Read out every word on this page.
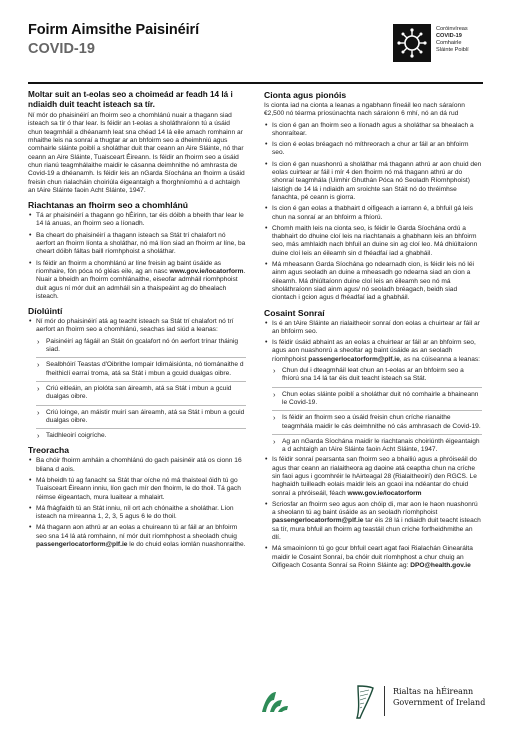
Foirm Aimsithe Paisinéirí
COVID-19
Coróinvíreas
COVID-19
Comhairle
Sláinte Poiblí
Moltar suit an t-eolas seo a choimeád ar feadh 14 lá i ndiaidh duit teacht isteach sa tír.
Ní mór do phaisinéirí an fhoirm seo a chomhlánú nuair a thagann siad isteach sa tír ó thar lear. Is féidir an t-eolas a sholáthraíonn tú a úsáid chun teagmháil a dhéanamh leat sna chéad 14 lá eile amach romhainn ar mhaithe leis na sonraí a thugtar ar an bhfoirm seo a dheimhniú agus comhairle sláinte poiblí a sholáthar duit thar ceann an Aire Sláinte, nó thar ceann an Aire Sláinte, Tuaisceart Éireann. Is féidir an fhoirm seo a úsáid chun rianú teagmhálaithe maidir le cásanna deimhnithe nó amhrasta de Covid-19 a dhéanamh. Is féidir leis an nGarda Síochána an fhoirm a úsáid freisin chun rialacháin choiriúla éigeantaigh a fhorghníomhú a d achtaigh an tAire Sláinte faoin Acht Sláinte, 1947.
Riachtanas an fhoirm seo a chomhlánú
• Tá ar phaisinéirí a thagann go hÉirinn, tar éis dóibh a bheith thar lear le 14 lá anuas, an fhoirm seo a líonadh.
• Ba cheart do phaisinéirí a thagann isteach sa Stát trí chalafort nó aerfort an fhoirm líonta a sholáthar, nó má líon siad an fhoirm ar líne, ba cheart dóibh fáltas baill ríomhphoist a sholáthar.
• Is féidir an fhoirm a chomhlánú ar líne freisin ag baint úsáide as ríomhaire, fón póca nó gléas eile, ag an nasc www.gov.ie/locatorform. Nuair a bheidh an fhoirm comhlánaithe, eiseofar admháil ríomhphoist duit agus ní mór duit an admháil sin a thaispeáint ag do bhealach isteach.
Díolúintí
• Ní mór do phaisinéirí atá ag teacht isteach sa Stát trí chalafort nó trí aerfort an fhoirm seo a chomhlánú, seachas iad siúd a leanas:
› Paisinéirí ag fágáil an Stáit ón gcalafort nó ón aerfort trínar tháinig siad.
› Sealbhóirí Teastas d'Oibrithe Iompair Idirnáisiúnta, nó tiománaithe d fheithiclí earraí troma, atá sa Stát i mbun a gcuid dualgas oibre.
› Criú eitleáin, an píolóta san áireamh, atá sa Stát i mbun a gcuid dualgas oibre.
› Criú loinge, an máistir muirí san áireamh, atá sa Stát i mbun a gcuid dualgas oibre.
› Taidhleoirí coigríche.
Treoracha
• Ba chóir fhoirm amháin a chomhlánú do gach paisinéir atá os cionn 16 bliana d aois.
• Má bheidh tú ag fanacht sa Stát thar oíche nó má thaisteal óidh tú go Tuaisceart Éireann inniu, líon gach mír den fhoirm, le do thoil. Tá gach réimse éigeantach, mura luaitear a mhalairt.
• Má fhágfaidh tú an Stát inniu, níl ort ach chónaithe a sholáthar. Líon isteach na míreanna 1, 2, 3, 5 agus 6 le do thoil.
• Má thagann aon athrú ar an eolas a chuireann tú ar fáil ar an bhfoirm seo sna 14 lá atá romhainn, ní mór duit ríomhphost a sheoladh chuig passengerlocatorform@plf.ie le do chuid eolas iomlán nuashonraithe.
Cionta agus pionóis
Is cionta iad na cionta a leanas a ngabhann fíneáil leo nach sáraíonn €2,500 nó téarma príosúnachta nach sáraíonn 6 mhí, nó an dá rud
• Is cion é gan an fhoirm seo a líonadh agus a sholáthar sa bhealach a shonraítear.
• Is cion é eolas bréagach nó míthreorach a chur ar fáil ar an bhfoirm seo.
• Is cion é gan nuashonrú a sholáthar má thagann athrú ar aon chuid den eolas cuirtear ar fáil i mír 4 den fhoirm nó má thagann athrú ar do shonraí teagmhála (Uimhir Ghuthán Póca nó Seoladh Ríomhphoist) laistigh de 14 lá i ndiaidh am sroichte san Stáit nó do thréimhse fanachta, pé ceann is giorra.
• Is cion é gan eolas a thabhairt d oifigeach a iarrann é, a bhfuil gá leis chun na sonraí ar an bhfoirm a fhíorú.
• Chomh maith leis na cionta seo, is féidir le Garda Síochána ordú a thabhairt do dhuine cloí leis na riachtanais a ghabhann leis an bhfoirm seo, más amhlaidh nach bhfuil an duine sin ag cloí leo. Má dhiúltaíonn duine cloí leis an éileamh sin d fhéadfaí iad a ghabháil.
• Má mheasann Garda Síochána go ndearnadh cion, is féidir leis nó léi ainm agus seoladh an duine a mheasadh go ndearna siad an cion a éileamh. Má dhiúltaíonn duine cloí leis an éileamh seo nó má sholáthraíonn siad ainm agus/ nó seoladh bréagach, beidh siad ciontach i gcion agus d fhéadfaí iad a ghabháil.
Cosaint Sonraí
• Is é an tAire Sláinte an rialaitheoir sonraí don eolas a chuirtear ar fáil ar an bhfoirm seo.
• Is féidir úsáid abhaint as an eolas a chuirtear ar fáil ar an bhfoirm seo, agus aon nuashonrú a sheoltar ag baint úsáide as an seoladh ríomhphoist passengerlocatorform@plf.ie, as na cúiseanna a leanas:
› Chun dul i dteagmháil leat chun an t-eolas ar an bhfoirm seo a fhíorú sna 14 lá tar éis duit teacht isteach sa Stát.
› Chun eolas sláinte poiblí a sholáthar duit nó comhairle a bhaineann le Covid-19.
› Is féidir an fhoirm seo a úsáid freisin chun críche rianaithe teagmhála maidir le cás deimhnithe nó cás amhrasach de Covid-19.
› Ag an nGarda Síochána maidir le riachtanais choiriúnth éigeantaigh a d achtaigh an tAire Sláinte faoin Acht Sláinte, 1947.
• Is féidir sonraí pearsanta san fhoirm seo a bhailiú agus a phróiseáil do agus thar ceann an rialaitheora ag daoine atá ceaptha chun na críche sin faoi agus i gcomhréir le hAirteagal 28 (Rialaitheoirí) den RGCS. Le haghaidh tuilleadh eolais maidir leis an gcaoi ina ndéantar do chuid sonraí a phróiseáil, féach www.gov.ie/locatorform
• Scriosfar an fhoirm seo agus aon chóip di, mar aon le haon nuashonrú a sheolann tú ag baint úsáide as an seoladh ríomhphoist passengerlocatorform@plf.ie tar éis 28 lá i ndiaidh duit teacht isteach sa tír, mura bhfuil an fhoirm ag teastáil chun críche forfheidhmithe an dlí.
• Má smaoiníonn tú go gcur bhfuil ceart agat faoi Rialachán Ginearálta maidir le Cosaint Sonraí, ba chóir duit ríomhphost a chur chuig an Oifigeach Cosanta Sonraí sa Roinn Sláinte ag: DPO@health.gov.ie
Rialtas na hÉireann
Government of Ireland
